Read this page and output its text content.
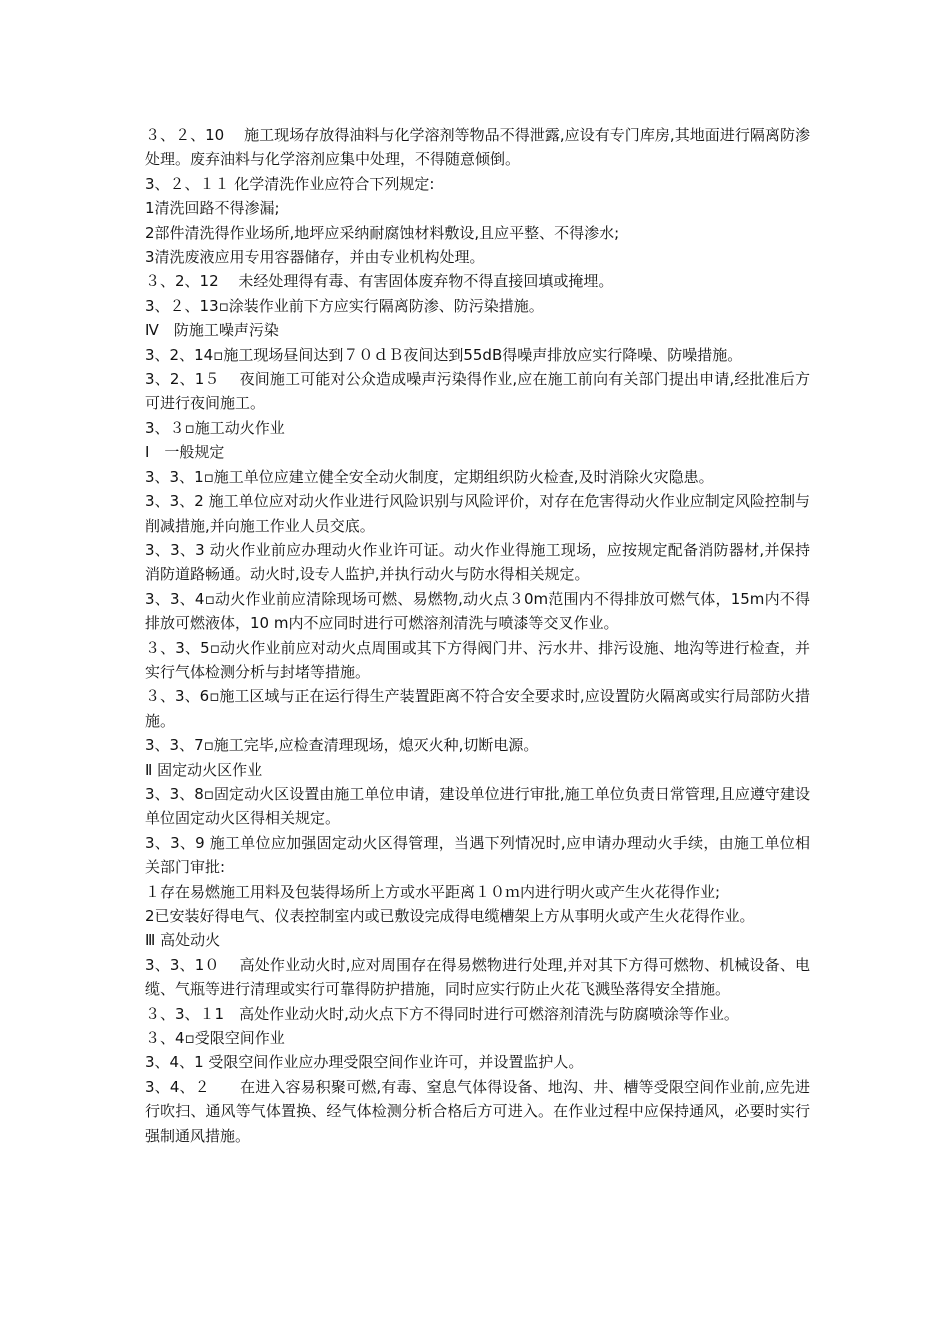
３、２、10　 施工现场存放得油料与化学溶剂等物品不得泄露,应设有专门库房,其地面进行隔离防渗处理。废弃油料与化学溶剂应集中处理，不得随意倾倒。

3、２、１１ 化学清洗作业应符合下列规定:

1清洗回路不得渗漏;

2部件清洗得作业场所,地坪应采纳耐腐蚀材料敷设,且应平整、不得渗水;

3清洗废液应用专用容器储存，并由专业机构处理。

３、2、12　 未经处理得有毒、有害固体废弃物不得直接回填或掩埋。

3、２、13▫涂装作业前下方应实行隔离防渗、防污染措施。

Ⅳ　防施工噪声污染

3、2、14▫施工现场昼间达到７０ｄＢ夜间达到55dB得噪声排放应实行降噪、防噪措施。

3、2、1５　 夜间施工可能对公众造成噪声污染得作业,应在施工前向有关部门提出申请,经批准后方可进行夜间施工。

3、３▫施工动火作业

Ⅰ　一般规定

3、3、1▫施工单位应建立健全安全动火制度，定期组织防火检查,及时消除火灾隐患。

3、3、2 施工单位应对动火作业进行风险识别与风险评价，对存在危害得动火作业应制定风险控制与削减措施,并向施工作业人员交底。

3、3、3 动火作业前应办理动火作业许可证。动火作业得施工现场，应按规定配备消防器材,并保持消防道路畅通。动火时,设专人监护,并执行动火与防水得相关规定。

3、3、4▫动火作业前应清除现场可燃、易燃物,动火点３0m范围内不得排放可燃气体，15m内不得排放可燃液体，10 m内不应同时进行可燃溶剂清洗与喷漆等交叉作业。

３、3、5▫动火作业前应对动火点周围或其下方得阀门井、污水井、排污设施、地沟等进行检查，并实行气体检测分析与封堵等措施。

３、3、6▫施工区域与正在运行得生产装置距离不符合安全要求时,应设置防火隔离或实行局部防火措施。

3、3、7▫施工完毕,应检查清理现场，熄灭火种,切断电源。

Ⅱ 固定动火区作业

3、3、8▫固定动火区设置由施工单位申请，建设单位进行审批,施工单位负责日常管理,且应遵守建设单位固定动火区得相关规定。

3、3、9 施工单位应加强固定动火区得管理，当遇下列情况时,应申请办理动火手续，由施工单位相关部门审批:

１存在易燃施工用料及包装得场所上方或水平距离１０ｍ内进行明火或产生火花得作业;

2已安装好得电气、仪表控制室内或已敷设完成得电缆槽架上方从事明火或产生火花得作业。

Ⅲ 高处动火

3、3、1０　 高处作业动火时,应对周围存在得易燃物进行处理,并对其下方得可燃物、机械设备、电缆、气瓶等进行清理或实行可靠得防护措施，同时应实行防止火花飞溅坠落得安全措施。

３、3、１1　高处作业动火时,动火点下方不得同时进行可燃溶剂清洗与防腐喷涂等作业。

３、4▫受限空间作业

3、4、1 受限空间作业应办理受限空间作业许可，并设置监护人。

3、4、２　　在进入容易积聚可燃,有毒、窒息气体得设备、地沟、井、槽等受限空间作业前,应先进行吹扫、通风等气体置换、经气体检测分析合格后方可进入。在作业过程中应保持通风，必要时实行强制通风措施。
